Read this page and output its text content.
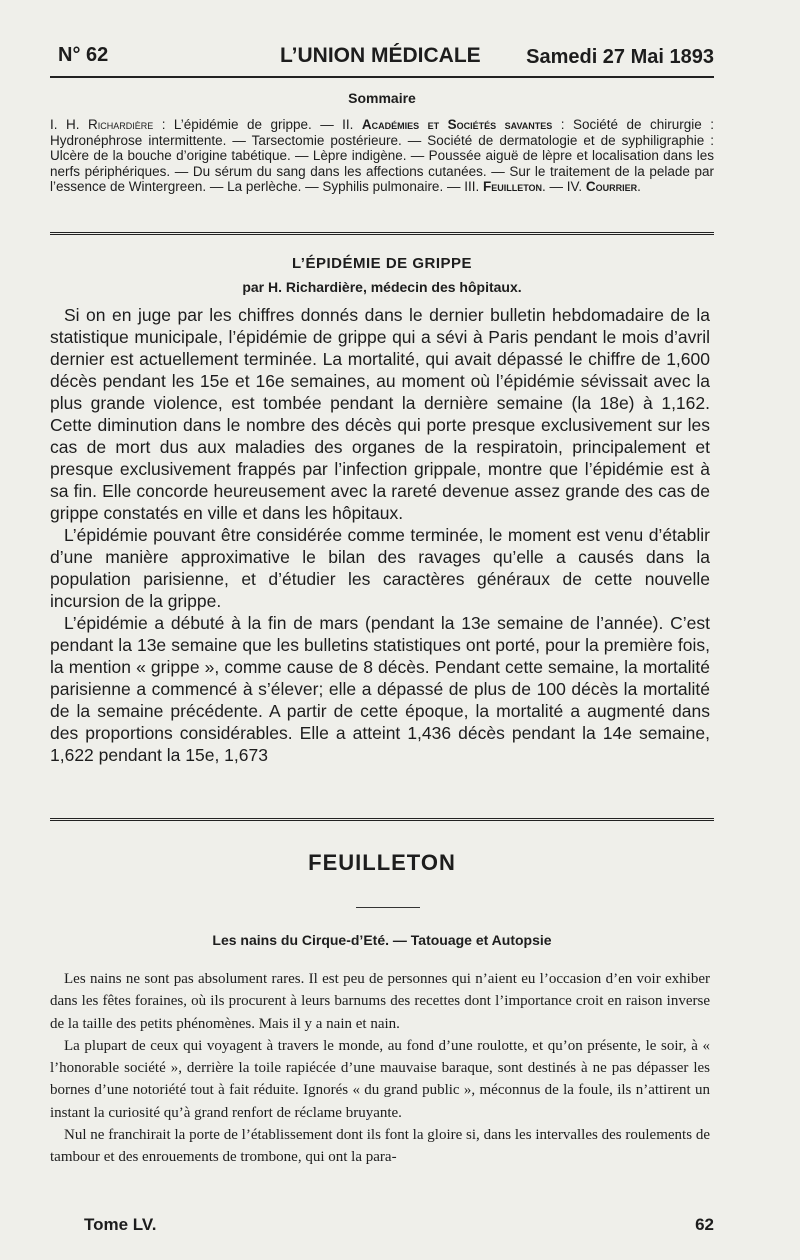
N° 62	L’UNION MÉDICALE Samedi 27 Mai 1893
Sommaire
I. H. Richardière : L’épidémie de grippe. — II. Académies et Sociétés savantes : Société de chirurgie : Hydronéphrose intermittente. — Tarsectomie postérieure. — Société de dermatologie et de syphiligraphie : Ulcère de la bouche d’origine tabétique. — Lèpre indigène. — Poussée aiguë de lèpre et localisation dans les nerfs périphériques. — Du sérum du sang dans les affections cutanées. — Sur le traitement de la pelade par l’essence de Wintergreen. — La perlèche. — Syphilis pulmonaire. — III. Feuilleton. — IV. Courrier.
L’ÉPIDÉMIE DE GRIPPE
par H. Richardière, médecin des hôpitaux.

Si on en juge par les chiffres donnés dans le dernier bulletin hebdomadaire de la statistique municipale, l’épidémie de grippe qui a sévi à Paris pendant le mois d’avril dernier est actuellement terminée. La mortalité, qui avait dépassé le chiffre de 1,600 décès pendant les 15e et 16e semaines, au moment où l’épidémie sévissait avec la plus grande violence, est tombée pendant la dernière semaine (la 18e) à 1,162. Cette diminution dans le nombre des décès qui porte presque exclusivement sur les cas de mort dus aux maladies des organes de la respiratoin, principalement et presque exclusivement frappés par l’infection grippale, montre que l’épidémie est à sa fin. Elle concorde heureusement avec la rareté devenue assez grande des cas de grippe constatés en ville et dans les hôpitaux.

L’épidémie pouvant être considérée comme terminée, le moment est venu d’établir d’une manière approximative le bilan des ravages qu’elle a causés dans la population parisienne, et d’étudier les caractères généraux de cette nouvelle incursion de la grippe.

L’épidémie a débuté à la fin de mars (pendant la 13e semaine de l’année). C’est pendant la 13e semaine que les bulletins statistiques ont porté, pour la première fois, la mention « grippe », comme cause de 8 décès. Pendant cette semaine, la mortalité parisienne a commencé à s’élever; elle a dépassé de plus de 100 décès la mortalité de la semaine précédente. A partir de cette époque, la mortalité a augmenté dans des proportions considérables. Elle a atteint 1,436 décès pendant la 14e semaine, 1,622 pendant la 15e, 1,673

FEUILLETON
Les nains du Cirque-d’Eté. — Tatouage et Autopsie

Les nains ne sont pas absolument rares. Il est peu de personnes qui n’aient eu l’occasion d’en voir exhiber dans les fêtes foraines, où ils procurent à leurs barnums des recettes dont l’importance croit en raison inverse de la taille des petits phénomènes. Mais il y a nain et nain.

La plupart de ceux qui voyagent à travers le monde, au fond d’une roulotte, et qu’on présente, le soir, à « l’honorable société », derrière la toile rapiécée d’une mauvaise baraque, sont destinés à ne pas dépasser les bornes d’une notoriété tout à fait réduite. Ignorés « du grand public », méconnus de la foule, ils n’attirent un instant la curiosité qu’à grand renfort de réclame bruyante.

Nul ne franchirait la porte de l’établissement dont ils font la gloire si, dans les intervalles des roulements de tambour et des enrouements de trombone, qui ont la para-

Tome LV.	62
